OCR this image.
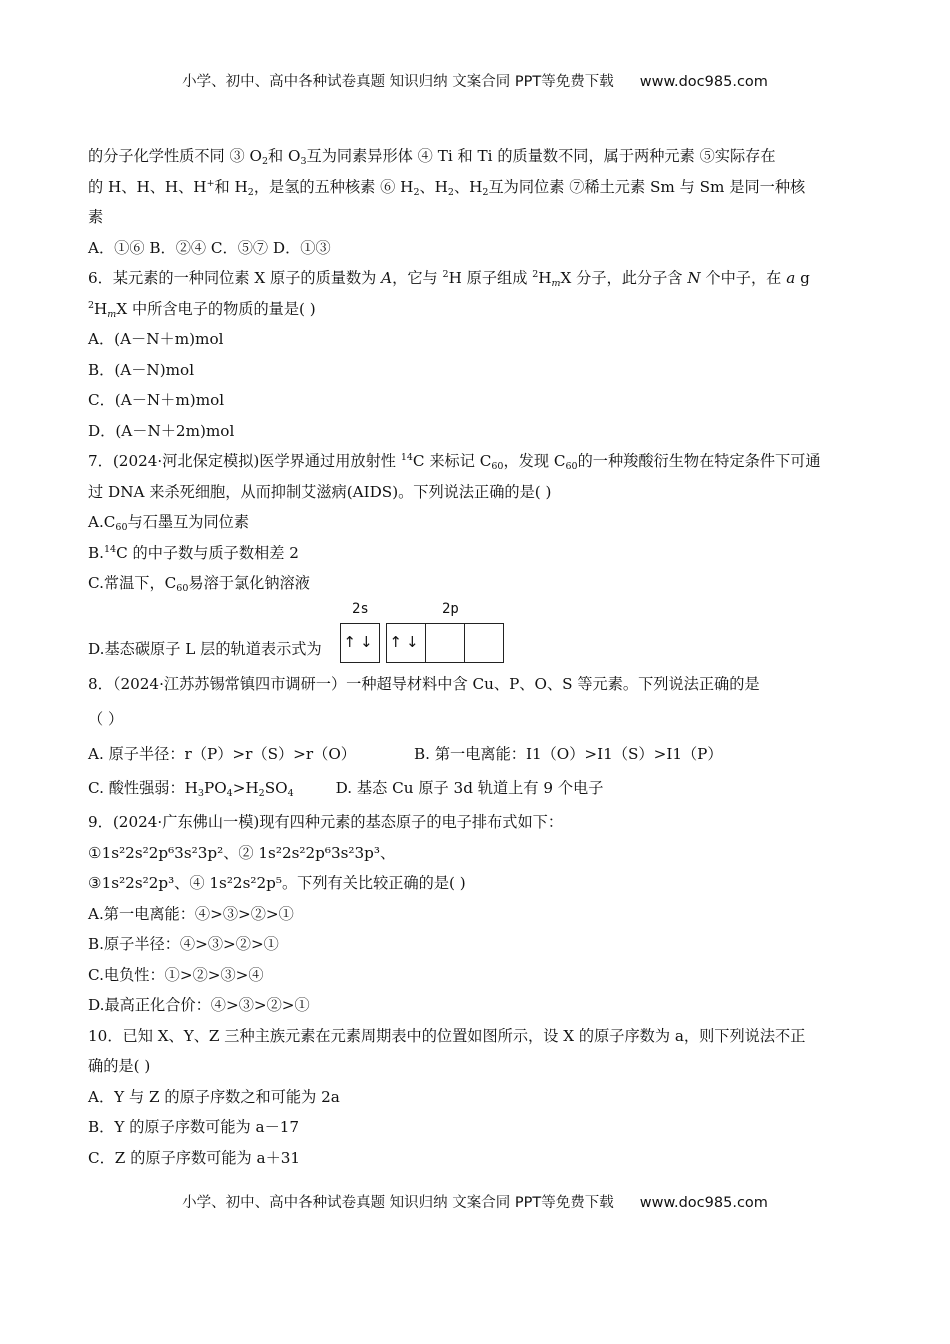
小学、初中、高中各种试卷真题 知识归纳 文案合同 PPT等免费下载 www.doc985.com
的分子化学性质不同 ③ $O_2$和 $O_3$互为同素异形体 ④ Ti 和 Ti 的质量数不同，属于两种元素 ⑤实际存在
的 H、H、H、H+和 $H_2$，是氢的五种核素 ⑥ $H_2$、$H_2$、$H_2$互为同位素 ⑦稀土元素 Sm 与 Sm 是同一种核
素
A．①⑥ B．②④ C．⑤⑦ D．①③
6．某元素的一种同位素 X 原子的质量数为 A，它与 $^2$H 原子组成 $^2H_mX$ 分子，此分子含 N 个中子，在 a g
$^2H_mX$ 中所含电子的物质的量是( )
A．(A－N＋m)mol
B．(A－N)mol
C．(A－N＋m)mol
D．(A－N＋2m)mol
7．(2024·河北保定模拟)医学界通过用放射性 $^{14}$C 来标记 $C_{60}$，发现 $C_{60}$的一种羧酸衍生物在特定条件下可通
过 DNA 来杀死细胞，从而抑制艾滋病(AIDS)。下列说法正确的是( )
$A.C_{60}$与石墨互为同位素
B.$^{14}$C 的中子数与质子数相差 2
C.常温下，$C_{60}$易溶于氯化钠溶液
D.基态碳原子 L 层的轨道表示式为
2s	2p
↑↓ ↑↓
8．（2024·江苏苏锡常镇四市调研一）一种超导材料中含 Cu、P、O、S 等元素。下列说法正确的是
（ ）
A. 原子半径：r（P）>r（S）>r（O）	B. 第一电离能：I1（O）>I1（S）>I1（P）
C. 酸性强弱：$H_3PO_4>H_2SO_4$	D. 基态 Cu 原子 3d 轨道上有 9 个电子
9．(2024·广东佛山一模)现有四种元素的基态原子的电子排布式如下：
①1s²2s²2p⁶3s²3p²、② 1s²2s²2p⁶3s²3p³、
③1s²2s²2p³、④ 1s²2s²2p⁵。下列有关比较正确的是( )
A.第一电离能：④>③>②>①
B.原子半径：④>③>②>①
C.电负性：①>②>③>④
D.最高正化合价：④>③>②>①
10．已知 X、Y、Z 三种主族元素在元素周期表中的位置如图所示，设 X 的原子序数为 a，则下列说法不正
确的是( )
A．Y 与 Z 的原子序数之和可能为 2a
B．Y 的原子序数可能为 a－17
C．Z 的原子序数可能为 a＋31
小学、初中、高中各种试卷真题 知识归纳 文案合同 PPT等免费下载 www.doc985.com
